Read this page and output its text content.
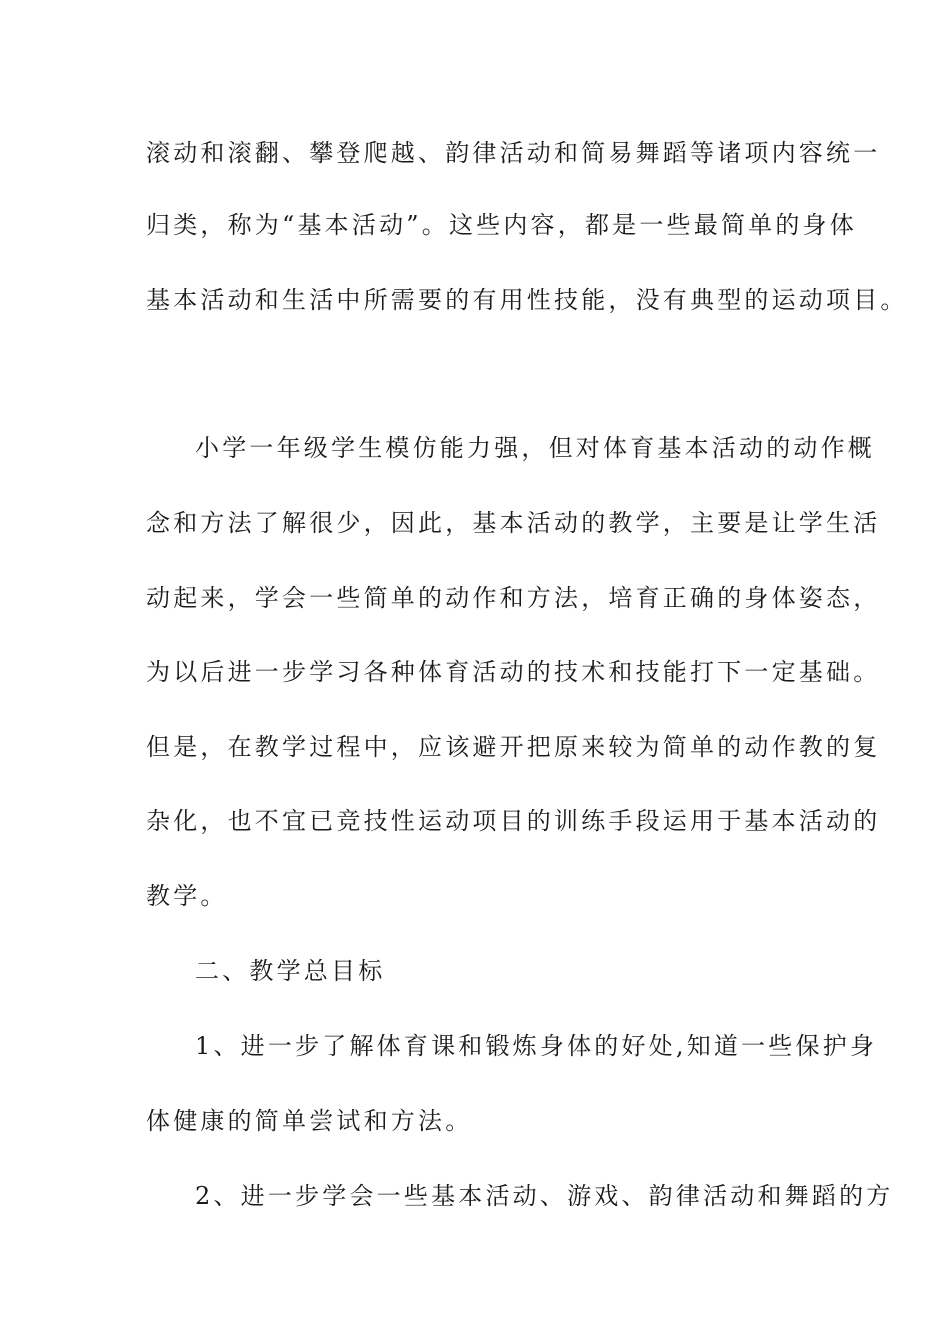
滚动和滚翻、攀登爬越、韵律活动和简易舞蹈等诸项内容统一
归类，称为“基本活动”。这些内容，都是一些最简单的身体
基本活动和生活中所需要的有用性技能，没有典型的运动项目。
小学一年级学生模仿能力强，但对体育基本活动的动作概
念和方法了解很少，因此，基本活动的教学，主要是让学生活
动起来，学会一些简单的动作和方法，培育正确的身体姿态，
为以后进一步学习各种体育活动的技术和技能打下一定基础。
但是，在教学过程中，应该避开把原来较为简单的动作教的复
杂化，也不宜已竞技性运动项目的训练手段运用于基本活动的
教学。
二、教学总目标
1、进一步了解体育课和锻炼身体的好处,知道一些保护身
体健康的简单尝试和方法。
2、进一步学会一些基本活动、游戏、韵律活动和舞蹈的方
